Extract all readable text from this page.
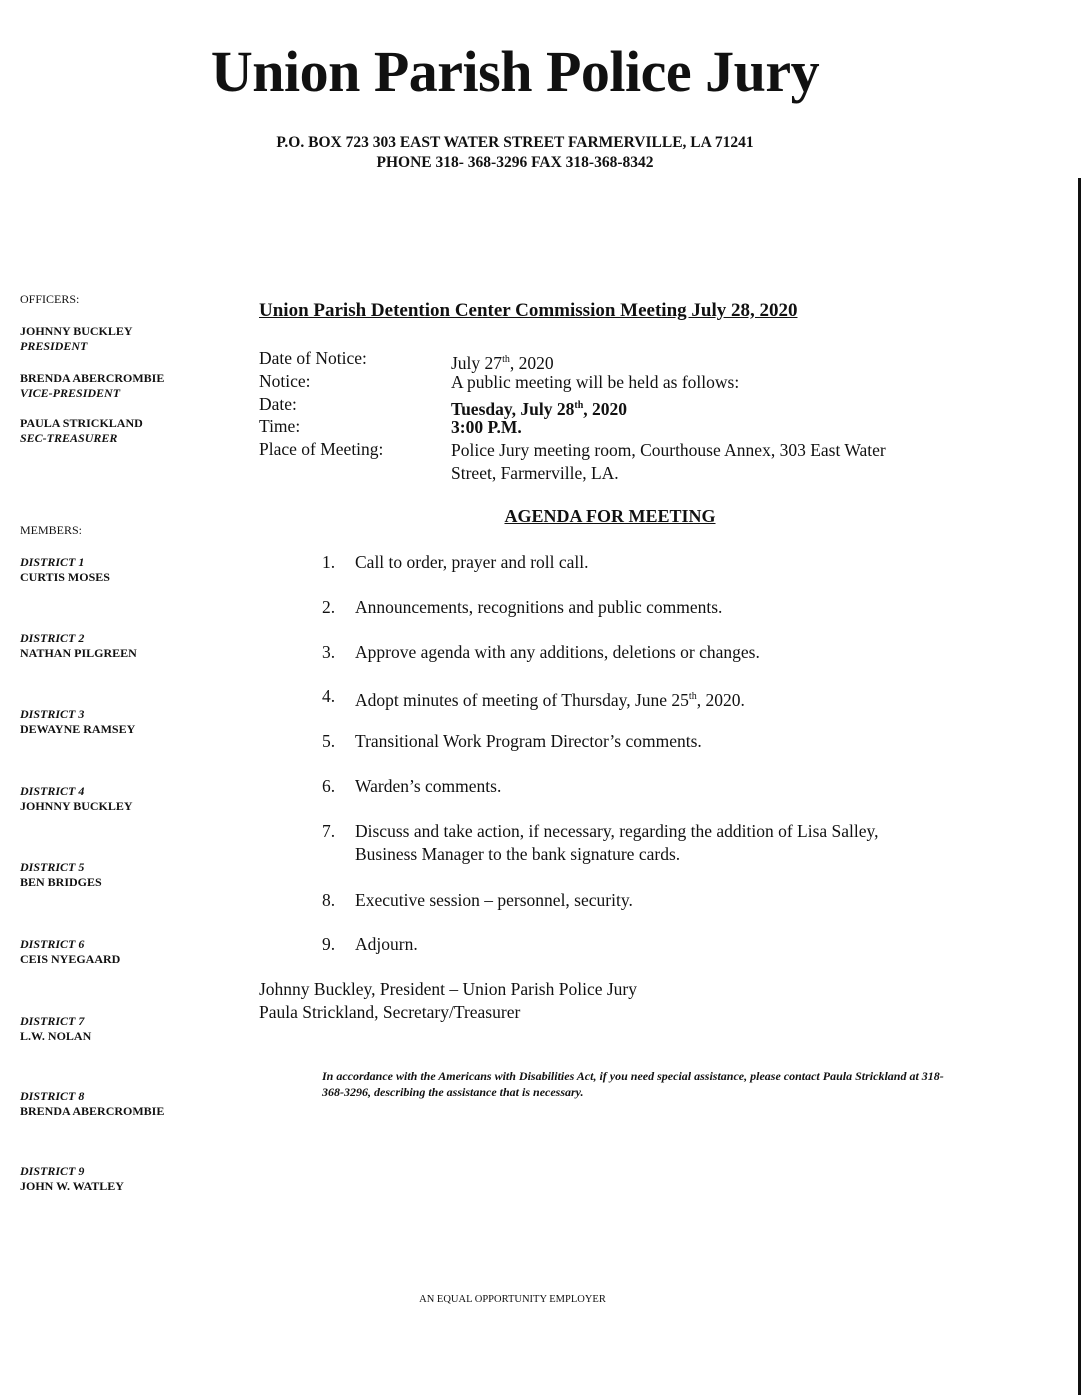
Union Parish Police Jury
P.O. BOX 723 303 EAST WATER STREET FARMERVILLE, LA 71241
PHONE 318- 368-3296 FAX 318-368-8342
OFFICERS:
JOHNNY BUCKLEY
PRESIDENT
BRENDA ABERCROMBIE
VICE-PRESIDENT
PAULA STRICKLAND
SEC-TREASURER
MEMBERS:
DISTRICT 1
CURTIS MOSES
DISTRICT 2
NATHAN PILGREEN
DISTRICT 3
DEWAYNE RAMSEY
DISTRICT 4
JOHNNY BUCKLEY
DISTRICT 5
BEN BRIDGES
DISTRICT 6
CEIS NYEGAARD
DISTRICT 7
L.W. NOLAN
DISTRICT 8
BRENDA ABERCROMBIE
DISTRICT 9
JOHN W. WATLEY
Union Parish Detention Center Commission Meeting July 28, 2020
Date of Notice:	July 27th, 2020
Notice:	A public meeting will be held as follows:
Date:	Tuesday, July 28th, 2020
Time:	3:00 P.M.
Place of Meeting:	Police Jury meeting room, Courthouse Annex, 303 East Water
Street, Farmerville, LA.
AGENDA FOR MEETING
1.	Call to order, prayer and roll call.
2.	Announcements, recognitions and public comments.
3.	Approve agenda with any additions, deletions or changes.
4.	Adopt minutes of meeting of Thursday, June 25th, 2020.
5.	Transitional Work Program Director’s comments.
6.	Warden’s comments.
7.	Discuss and take action, if necessary, regarding the addition of Lisa Salley,
Business Manager to the bank signature cards.
8.	Executive session – personnel, security.
9.	Adjourn.
Johnny Buckley, President – Union Parish Police Jury
Paula Strickland, Secretary/Treasurer
In accordance with the Americans with Disabilities Act, if you need special assistance, please contact Paula Strickland at 318-368-3296, describing the assistance that is necessary.
AN EQUAL OPPORTUNITY EMPLOYER
